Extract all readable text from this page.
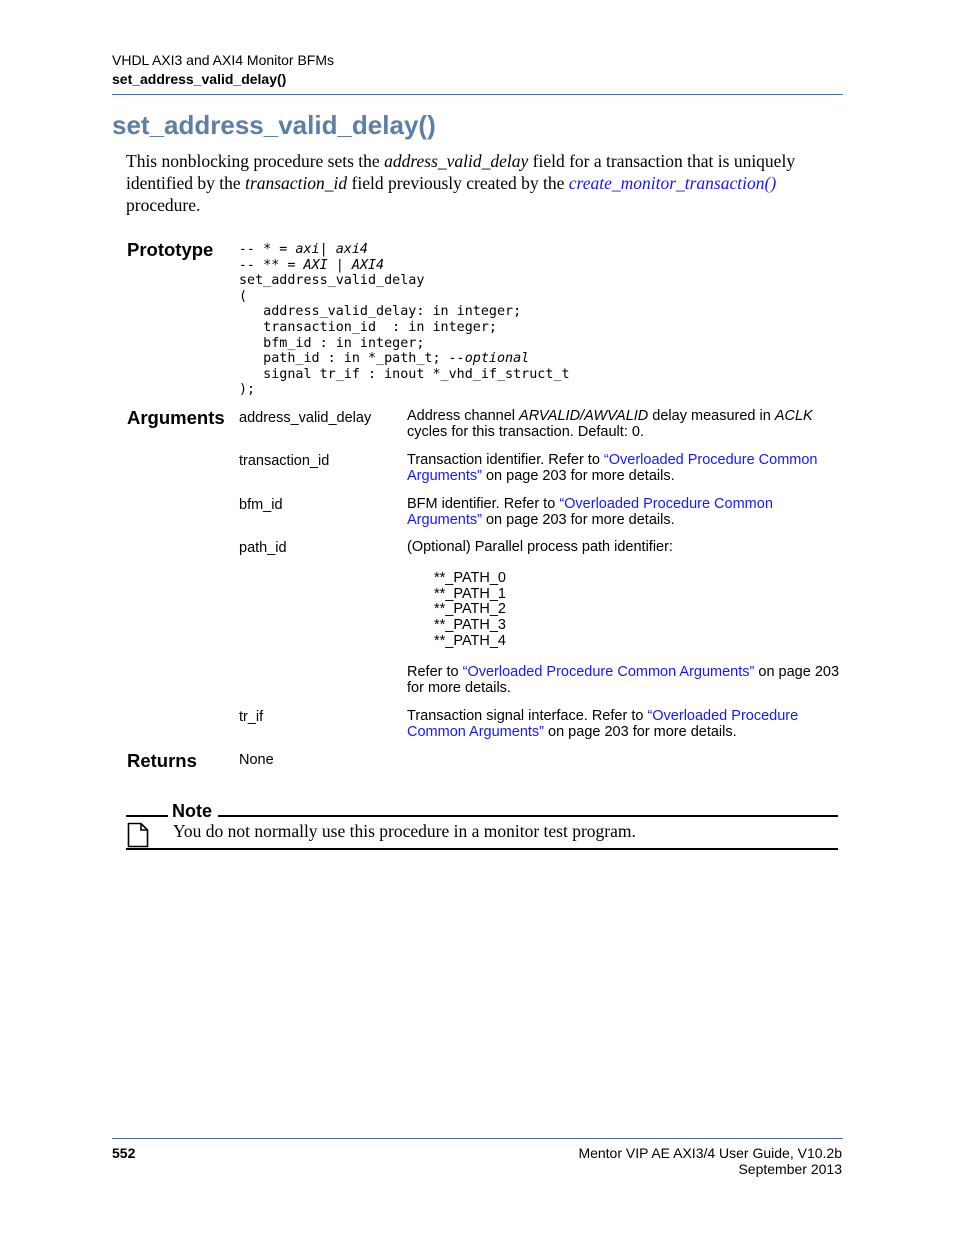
VHDL AXI3 and AXI4 Monitor BFMs
set_address_valid_delay()
set_address_valid_delay()
This nonblocking procedure sets the address_valid_delay field for a transaction that is uniquely identified by the transaction_id field previously created by the create_monitor_transaction() procedure.
Prototype -- * = axi| axi4
-- ** = AXI | AXI4
set_address_valid_delay
(
address_valid_delay: in integer;
transaction_id  : in integer;
bfm_id : in integer;
path_id : in *_path_t; --optional
signal tr_if : inout *_vhd_if_struct_t
);
Arguments address_valid_delay Address channel ARVALID/AWVALID delay measured in ACLK cycles for this transaction. Default: 0.
transaction_id	Transaction identifier. Refer to “Overloaded Procedure Common Arguments” on page 203 for more details.
bfm_id	BFM identifier. Refer to “Overloaded Procedure Common Arguments” on page 203 for more details.
path_id	(Optional) Parallel process path identifier:
**_PATH_0
**_PATH_1
**_PATH_2
**_PATH_3
**_PATH_4
Refer to “Overloaded Procedure Common Arguments” on page 203 for more details.
tr_if	Transaction signal interface. Refer to “Overloaded Procedure Common Arguments” on page 203 for more details.
Returns	None
Note
You do not normally use this procedure in a monitor test program.
552	Mentor VIP AE AXI3/4 User Guide, V10.2b
September 2013
